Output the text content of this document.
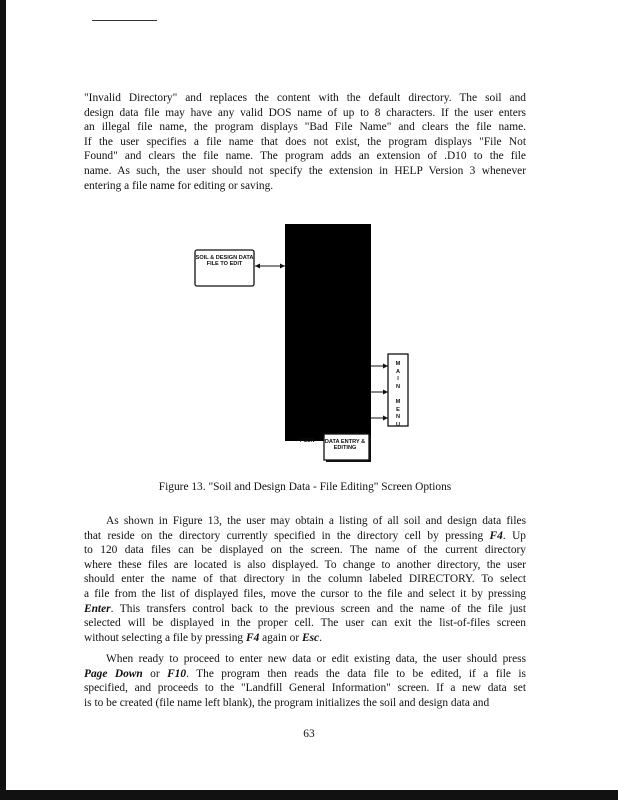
"Invalid Directory" and replaces the content with the default directory. The soil and
design data file may have any valid DOS name of up to 8 characters. If the user enters
an illegal file name, the program displays "Bad File Name" and clears the file name.
If the user specifies a file name that does not exist, the program displays "File Not
Found" and clears the file name. The program adds an extension of .D10 to the file
name. As such, the user should not specify the extension in HELP Version 3 whenever
entering a file name for editing or saving.
SOIL & DESIGN DATA FILE TO EDIT
DATA ENTRY & EDITING
M
A
I
N

M
E
N
U
PGDN

Figure 13. "Soil and Design Data - File Editing" Screen Options

As shown in Figure 13, the user may obtain a listing of all soil and design data files
that reside on the directory currently specified in the directory cell by pressing F4. Up
to 120 data files can be displayed on the screen. The name of the current directory
where these files are located is also displayed. To change to another directory, the user
should enter the name of that directory in the column labeled DIRECTORY. To select
a file from the list of displayed files, move the cursor to the file and select it by pressing
Enter. This transfers control back to the previous screen and the name of the file just
selected will be displayed in the proper cell. The user can exit the list-of-files screen
without selecting a file by pressing F4 again or Esc.
When ready to proceed to enter new data or edit existing data, the user should press
Page Down or F10. The program then reads the data file to be edited, if a file is
specified, and proceeds to the "Landfill General Information" screen. If a new data set
is to be created (file name left blank), the program initializes the soil and design data and
63
